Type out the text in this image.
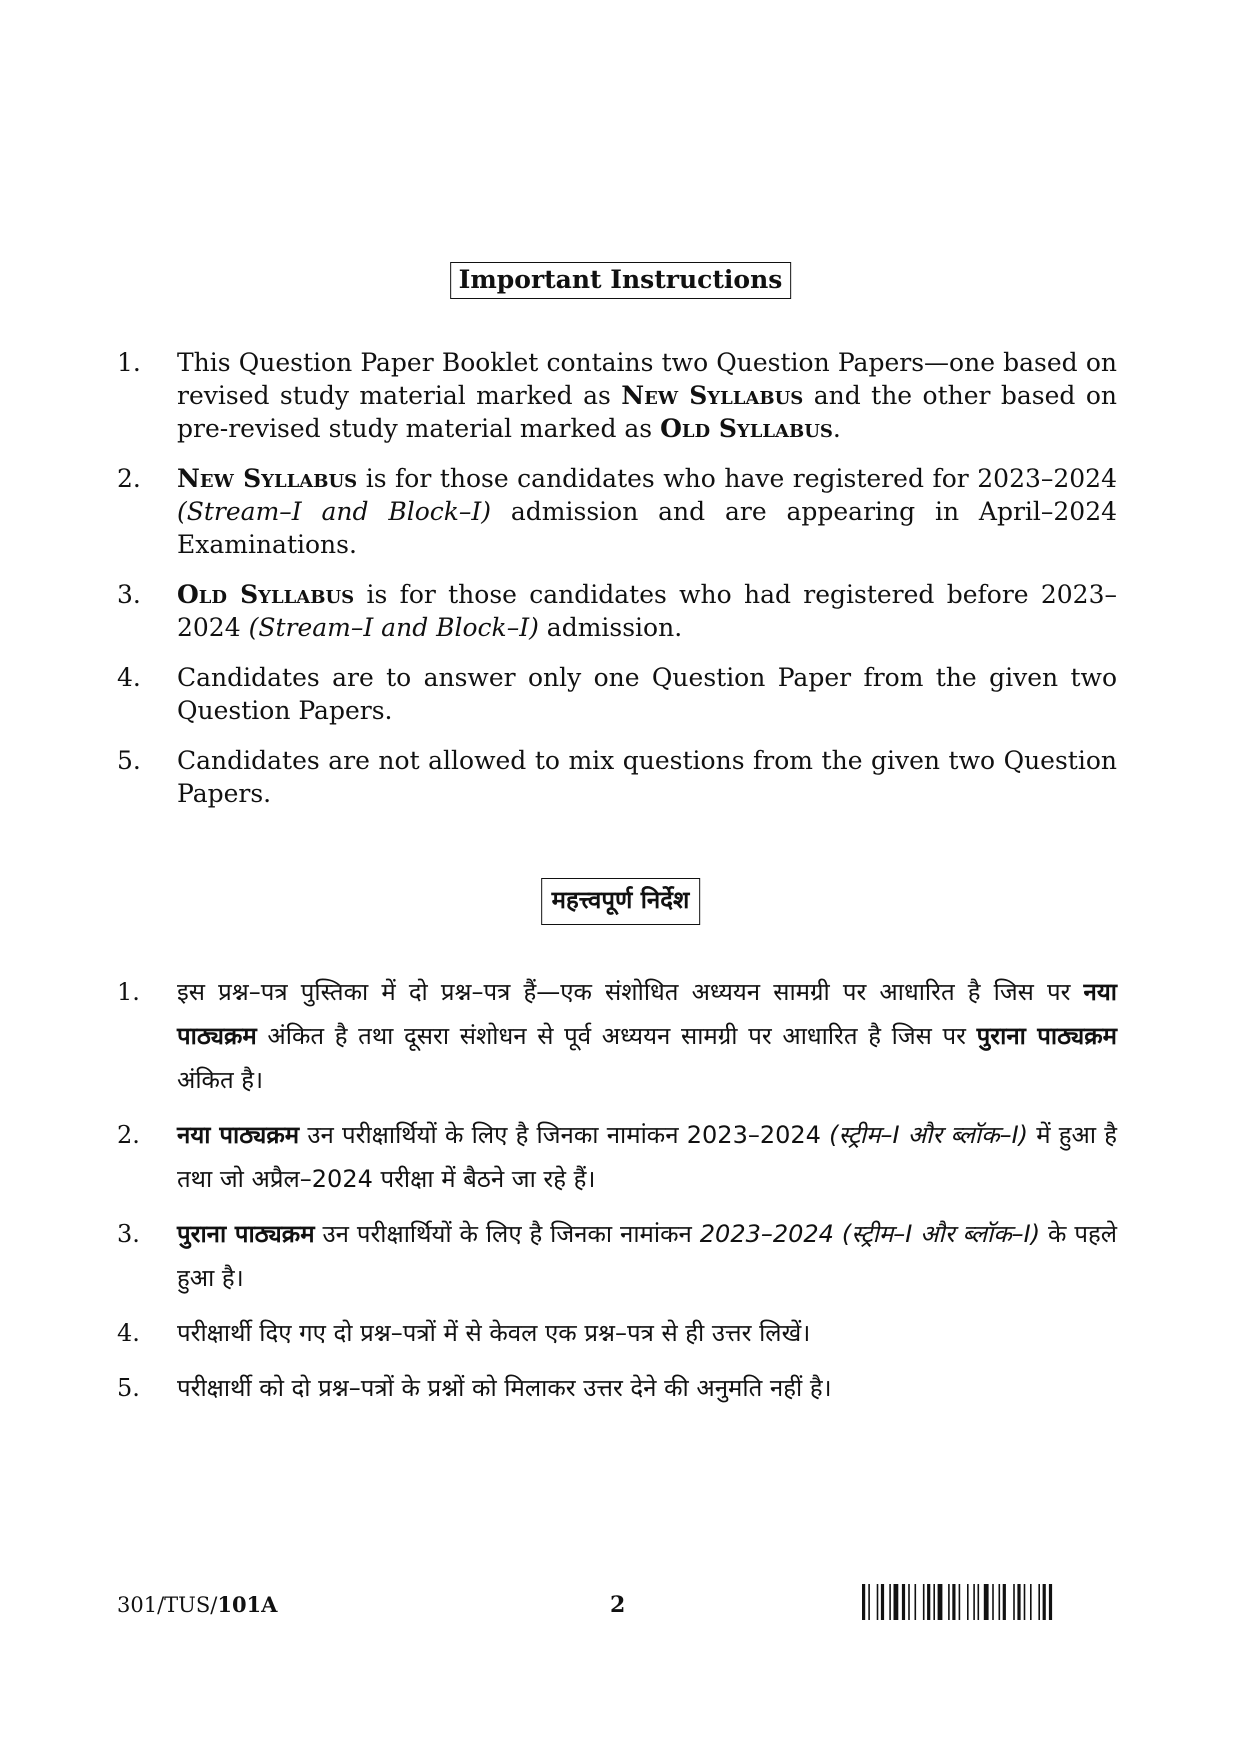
Important Instructions
1.	This Question Paper Booklet contains two Question Papers—one based on revised study material marked as New Syllabus and the other based on pre-revised study material marked as Old Syllabus.
2.	New Syllabus is for those candidates who have registered for 2023–2024 (Stream–I and Block–I) admission and are appearing in April–2024 Examinations.
3.	Old Syllabus is for those candidates who had registered before 2023–2024 (Stream–I and Block–I) admission.
4.	Candidates are to answer only one Question Paper from the given two Question Papers.
5.	Candidates are not allowed to mix questions from the given two Question Papers.
महत्त्वपूर्ण निर्देश
1.	इस प्रश्न–पत्र पुस्तिका में दो प्रश्न–पत्र हैं—एक संशोधित अध्ययन सामग्री पर आधारित है जिस पर नया पाठ्यक्रम अंकित है तथा दूसरा संशोधन से पूर्व अध्ययन सामग्री पर आधारित है जिस पर पुराना पाठ्यक्रम अंकित है।
2.	नया पाठ्यक्रम उन परीक्षार्थियों के लिए है जिनका नामांकन 2023–2024 (स्ट्रीम–I और ब्लॉक–I) में हुआ है तथा जो अप्रैल–2024 परीक्षा में बैठने जा रहे हैं।
3.	पुराना पाठ्यक्रम उन परीक्षार्थियों के लिए है जिनका नामांकन 2023–2024 (स्ट्रीम–I और ब्लॉक–I) के पहले हुआ है।
4.	परीक्षार्थी दिए गए दो प्रश्न–पत्रों में से केवल एक प्रश्न–पत्र से ही उत्तर लिखें।
5.	परीक्षार्थी को दो प्रश्न–पत्रों के प्रश्नों को मिलाकर उत्तर देने की अनुमति नहीं है।
301/TUS/101A	2
